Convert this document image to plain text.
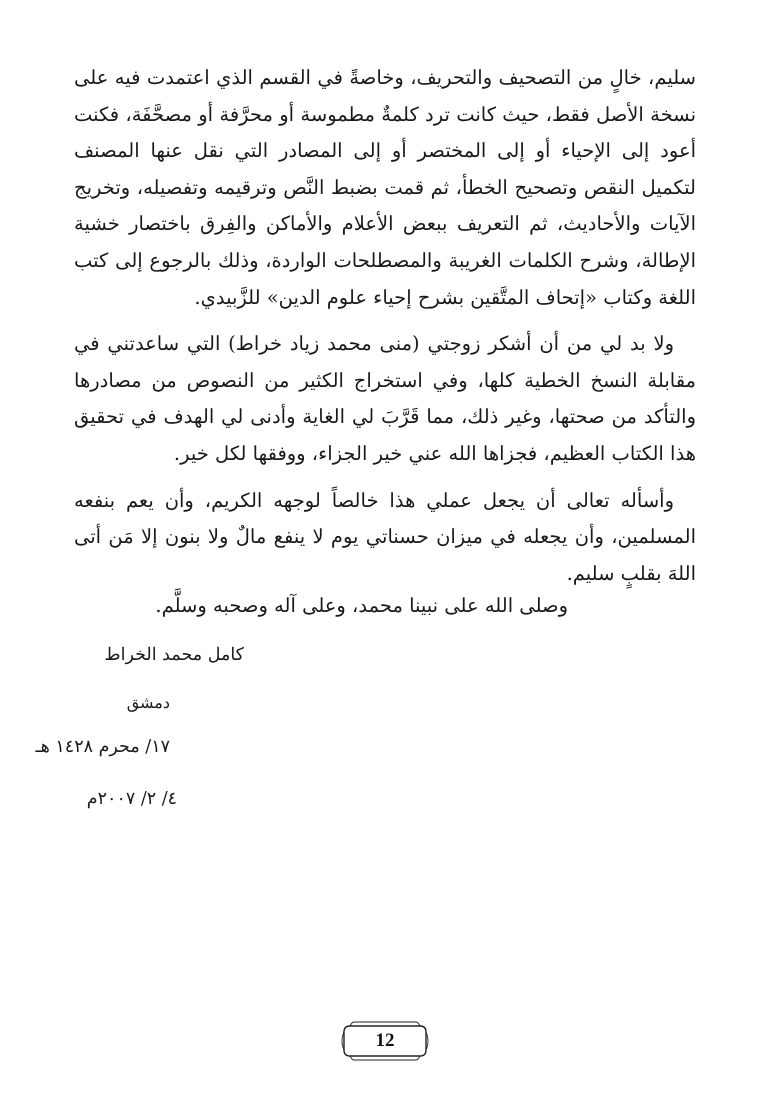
سليم، خالٍ من التصحيف والتحريف، وخاصةً في القسم الذي اعتمدت فيه على نسخة الأصل فقط، حيث كانت ترد كلمةٌ مطموسة أو محرَّفة أو مصحَّفَة، فكنت أعود إلى الإحياء أو إلى المختصر أو إلى المصادر التي نقل عنها المصنف لتكميل النقص وتصحيح الخطأ، ثم قمت بضبط النَّص وترقيمه وتفصيله، وتخريج الآيات والأحاديث، ثم التعريف ببعض الأعلام والأماكن والفِرق باختصار خشية الإطالة، وشرح الكلمات الغريبة والمصطلحات الواردة، وذلك بالرجوع إلى كتب اللغة وكتاب «إتحاف المتَّقين بشرح إحياء علوم الدين» للزَّبيدي.

ولا بد لي من أن أشكر زوجتي (منى محمد زياد خراط) التي ساعدتني في مقابلة النسخ الخطية كلها، وفي استخراج الكثير من النصوص من مصادرها والتأكد من صحتها، وغير ذلك، مما قَرَّبَ لي الغاية وأدنى لي الهدف في تحقيق هذا الكتاب العظيم، فجزاها الله عني خير الجزاء، ووفقها لكل خير.

وأسأله تعالى أن يجعل عملي هذا خالصاً لوجهه الكريم، وأن يعم بنفعه المسلمين، وأن يجعله في ميزان حسناتي يوم لا ينفع مالٌ ولا بنون إلا مَن أتى اللهَ بقلبٍ سليم.

وصلى الله على نبينا محمد، وعلى آله وصحبه وسلَّم.
كامل محمد الخراط
دمشق
١٧/ محرم ١٤٢٨ هـ
٤/ ٢/ ٢٠٠٧م
12
